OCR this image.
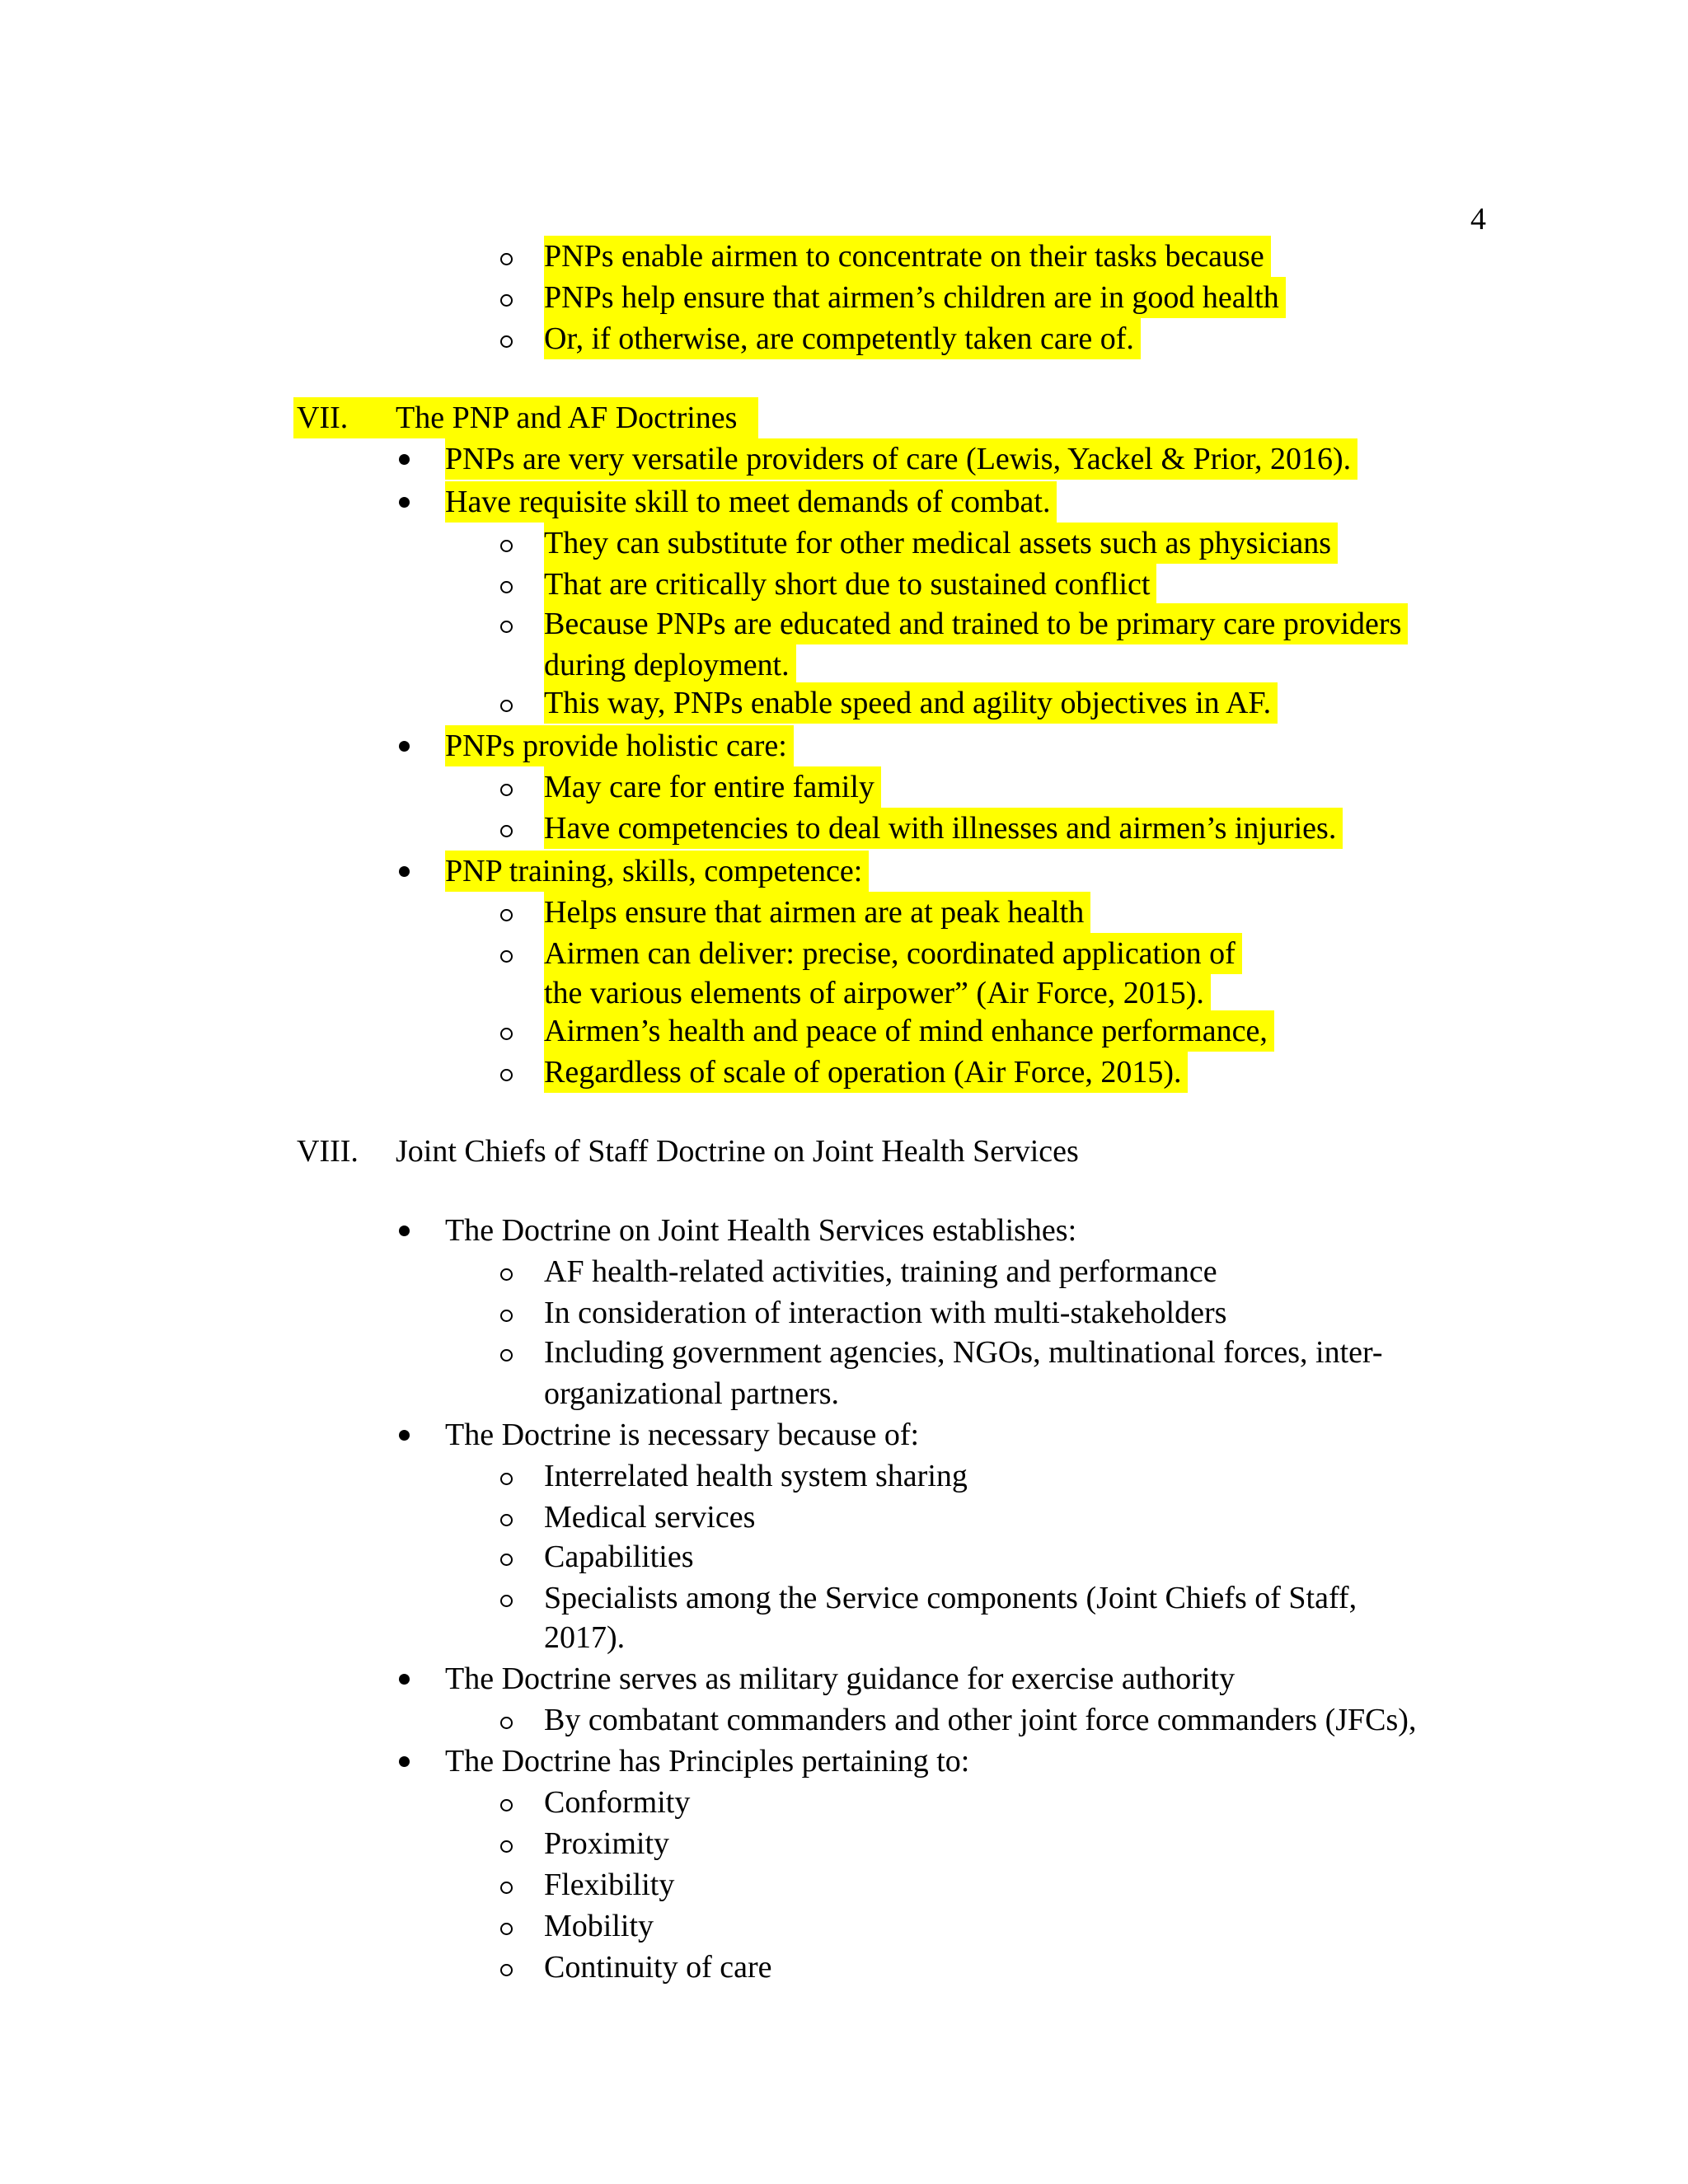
4
PNPs enable airmen to concentrate on their tasks because
PNPs help ensure that airmen’s children are in good health
Or, if otherwise, are competently taken care of.
VII. The PNP and AF Doctrines
PNPs are very versatile providers of care (Lewis, Yackel & Prior, 2016).
Have requisite skill to meet demands of combat.
They can substitute for other medical assets such as physicians
That are critically short due to sustained conflict
Because PNPs are educated and trained to be primary care providers
during deployment.
This way, PNPs enable speed and agility objectives in AF.
PNPs provide holistic care:
May care for entire family
Have competencies to deal with illnesses and airmen’s injuries.
PNP training, skills, competence:
Helps ensure that airmen are at peak health
Airmen can deliver: precise, coordinated application of
the various elements of airpower” (Air Force, 2015).
Airmen’s health and peace of mind enhance performance,
Regardless of scale of operation (Air Force, 2015).
VIII. Joint Chiefs of Staff Doctrine on Joint Health Services
The Doctrine on Joint Health Services establishes:
AF health-related activities, training and performance
In consideration of interaction with multi-stakeholders
Including government agencies, NGOs, multinational forces, inter-
organizational partners.
The Doctrine is necessary because of:
Interrelated health system sharing
Medical services
Capabilities
Specialists among the Service components (Joint Chiefs of Staff,
2017).
The Doctrine serves as military guidance for exercise authority
By combatant commanders and other joint force commanders (JFCs),
The Doctrine has Principles pertaining to:
Conformity
Proximity
Flexibility
Mobility
Continuity of care
